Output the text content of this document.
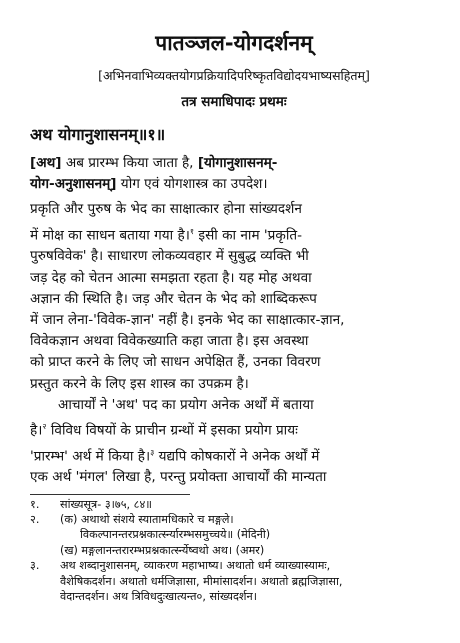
पातञ्जल-योगदर्शनम्
[अभिनवाभिव्यक्तयोगप्रक्रियादिपरिष्कृतविद्योदयभाष्यसहितम्]
तत्र समाधिपादः प्रथमः
अथ योगानुशासनम्॥१॥
[अथ] अब प्रारम्भ किया जाता है, [योगानुशासनम्-
योग-अनुशासनम्] योग एवं योगशास्त्र का उपदेश।
प्रकृति और पुरुष के भेद का साक्षात्कार होना सांख्यदर्शन
में मोक्ष का साधन बताया गया है।$^१$ इसी का नाम 'प्रकृति-
पुरुषविवेक' है। साधारण लोकव्यवहार में सुबुद्ध व्यक्ति भी
जड़ देह को चेतन आत्मा समझता रहता है। यह मोह अथवा
अज्ञान की स्थिति है। जड़ और चेतन के भेद को शाब्दिकरूप
में जान लेना-'विवेक-ज्ञान' नहीं है। इनके भेद का साक्षात्कार-ज्ञान,
विवेकज्ञान अथवा विवेकख्याति कहा जाता है। इस अवस्था
को प्राप्त करने के लिए जो साधन अपेक्षित हैं, उनका विवरण
प्रस्तुत करने के लिए इस शास्त्र का उपक्रम है।
आचार्यों ने 'अथ' पद का प्रयोग अनेक अर्थों में बताया
है।$^२$ विविध विषयों के प्राचीन ग्रन्थों में इसका प्रयोग प्रायः
'प्रारम्भ' अर्थ में किया है।$^३$ यद्यपि कोषकारों ने अनेक अर्थों में
एक अर्थ 'मंगल' लिखा है, परन्तु प्रयोक्ता आचार्यों की मान्यता
१. सांख्यसूत्र- ३।७५, ८४॥
२. (क) अथाथो संशये स्यातामधिकारे च मङ्गले।
विकल्पानन्तरप्रश्नकार्त्स्न्यारम्भसमुच्चये॥ (मेदिनी)
(ख) मङ्गलानन्तरारम्भप्रश्नकार्त्स्न्येष्वथो अथ। (अमर)
३. अथ शब्दानुशासनम्, व्याकरण महाभाष्य। अथातो धर्म व्याख्यास्यामः,
वैशेषिकदर्शन। अथातो धर्मजिज्ञासा, मीमांसादर्शन। अथातो ब्रह्मजिज्ञासा,
वेदान्तदर्शन। अथ त्रिविधदुःखात्यन्त०, सांख्यदर्शन।
